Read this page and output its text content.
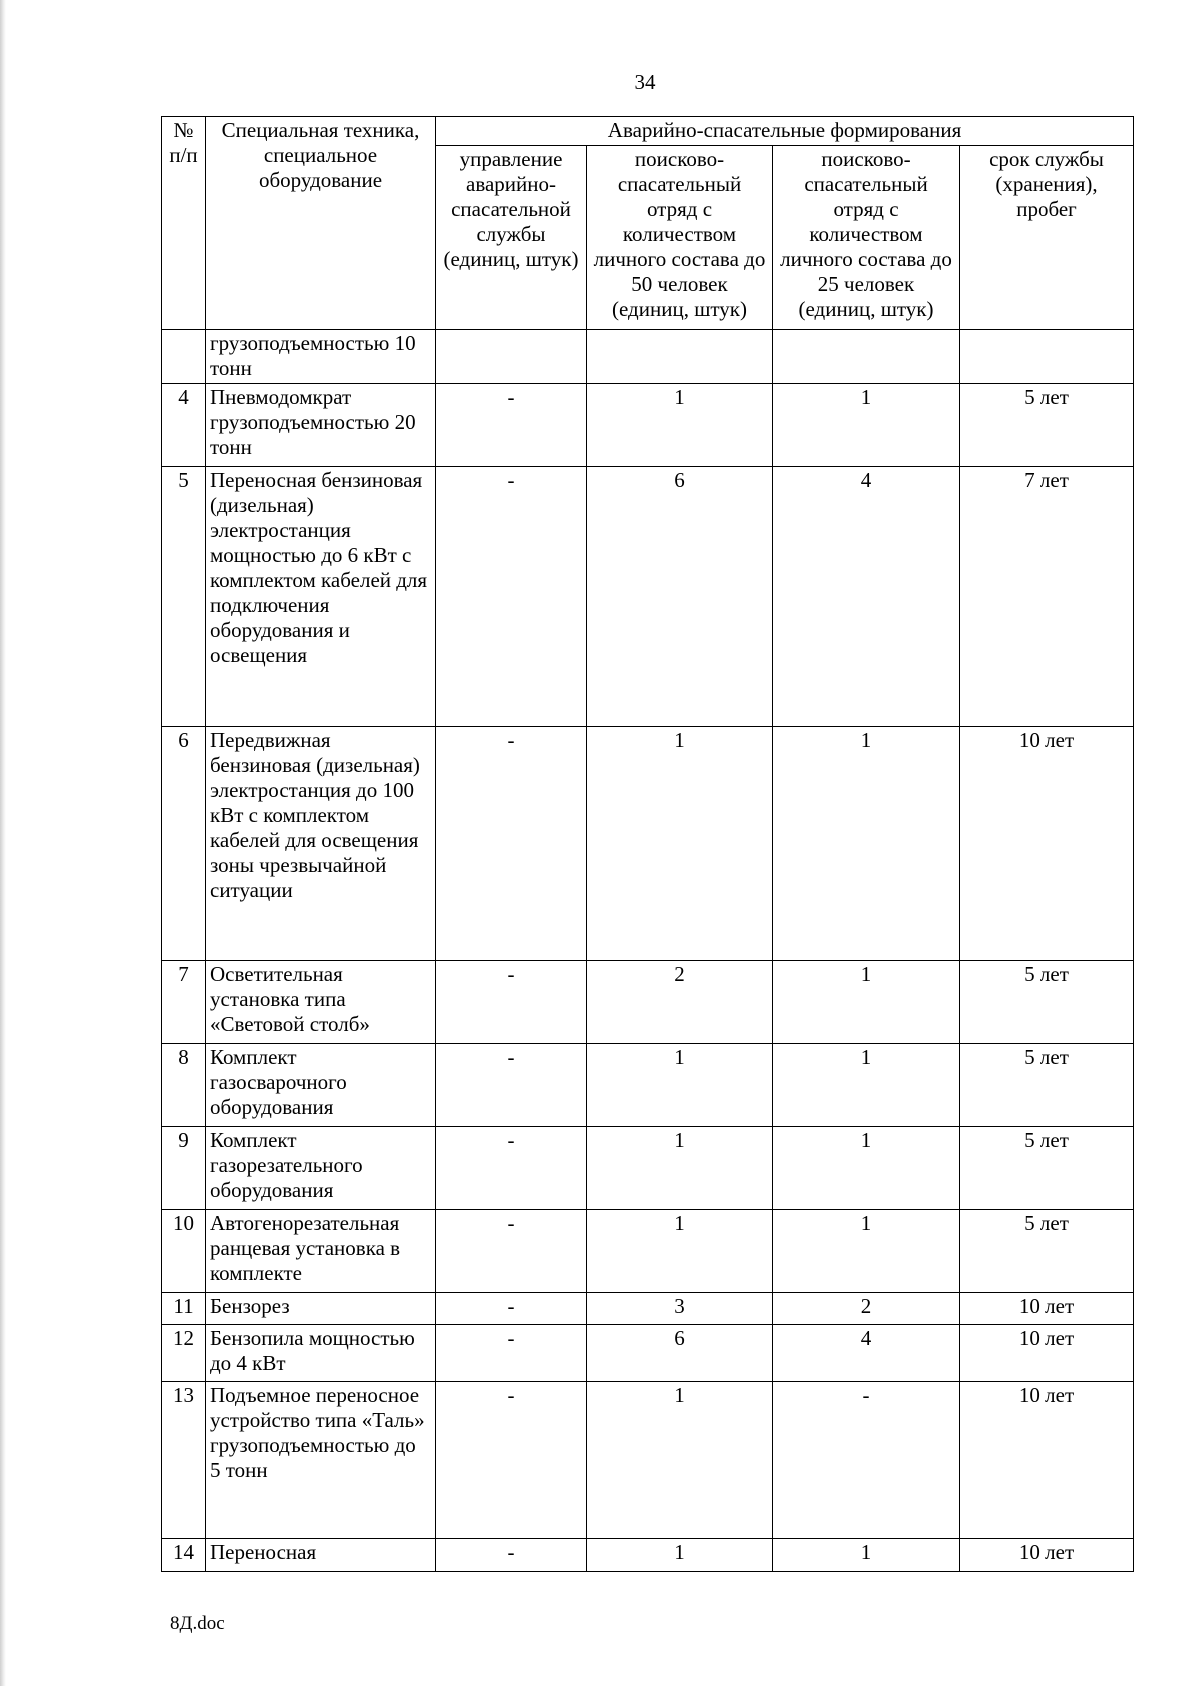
34
№ п/п	Специальная техника, специальное оборудование	Аварийно-спасательные формирования			
		управление аварийно-спасательной службы (единиц, штук)	поисково-спасательный отряд с количеством личного состава до 50 человек (единиц, штук)	поисково-спасательный отряд с количеством личного состава до 25 человек (единиц, штук)	срок службы (хранения), пробег
	грузоподъемностью 10 тонн				
4	Пневмодомкрат грузоподъемностью 20 тонн	-	1	1	5 лет
5	Переносная бензиновая (дизельная) электростанция мощностью до 6 кВт с комплектом кабелей для подключения оборудования и освещения	-	6	4	7 лет
6	Передвижная бензиновая (дизельная) электростанция до 100 кВт с комплектом кабелей для освещения зоны чрезвычайной ситуации	-	1	1	10 лет
7	Осветительная установка типа «Световой столб»	-	2	1	5 лет
8	Комплект газосварочного оборудования	-	1	1	5 лет
9	Комплект газорезательного оборудования	-	1	1	5 лет
10	Автогенорезательная ранцевая установка в комплекте	-	1	1	5 лет
11	Бензорез	-	3	2	10 лет
12	Бензопила мощностью до 4 кВт	-	6	4	10 лет
13	Подъемное переносное устройство типа «Таль» грузоподъемностью до 5 тонн	-	1	-	10 лет
14	Переносная	-	1	1	10 лет
8Д.doc
